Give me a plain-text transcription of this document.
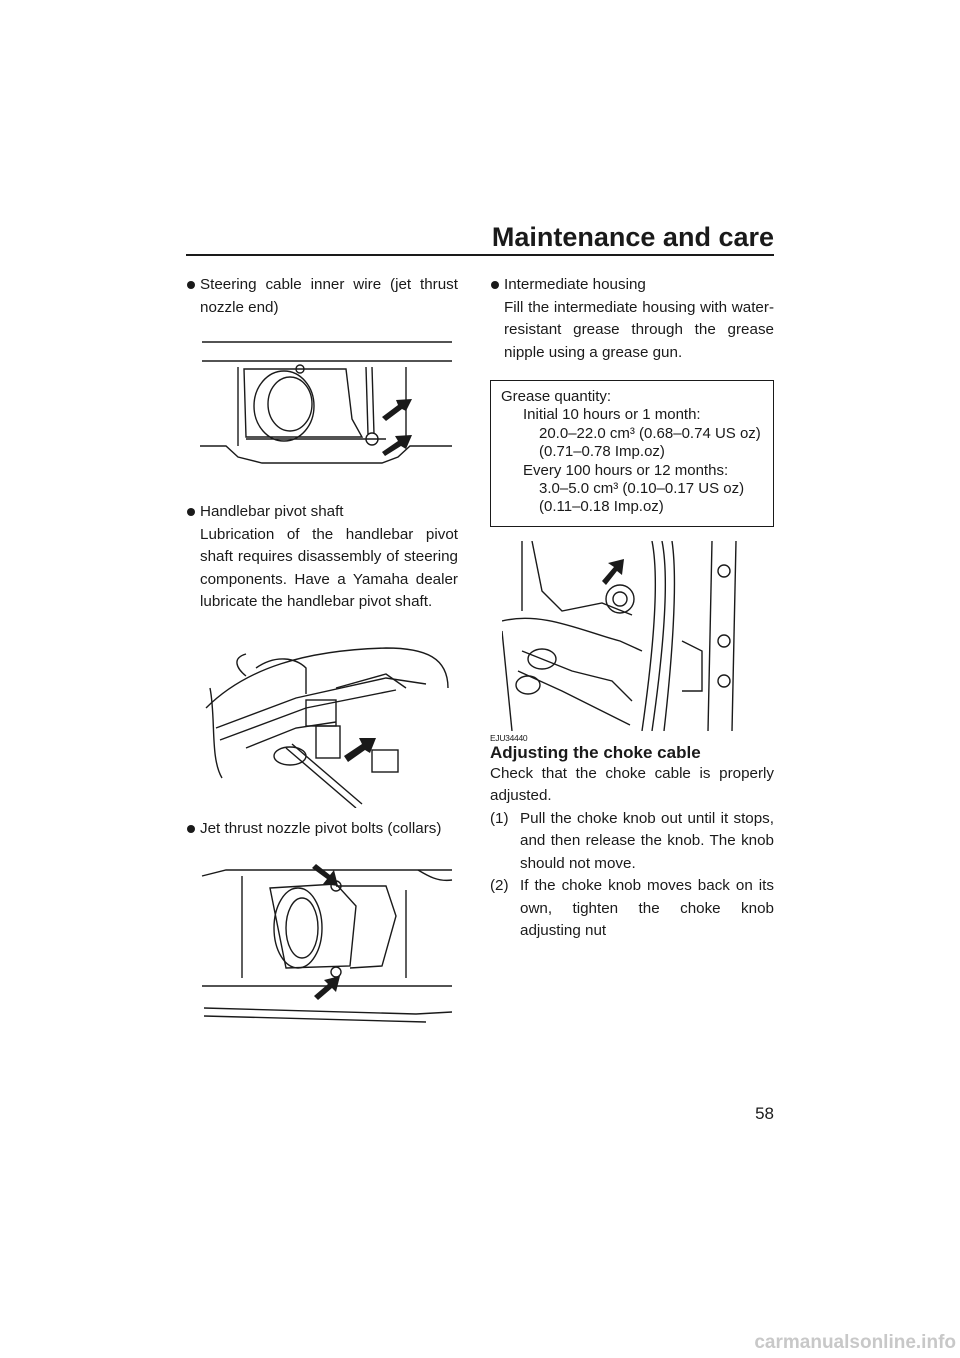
Maintenance and care
Steering cable inner wire (jet thrust nozzle end)
Handlebar pivot shaft
Lubrication of the handlebar pivot shaft requires disassembly of steering components. Have a Yamaha dealer lubricate the handlebar pivot shaft.
Jet thrust nozzle pivot bolts (collars)
Intermediate housing
Fill the intermediate housing with water-resistant grease through the grease nipple using a grease gun.
Grease quantity:
Initial 10 hours or 1 month:
20.0–22.0 cm³ (0.68–0.74 US oz)
(0.71–0.78 Imp.oz)
Every 100 hours or 12 months:
3.0–5.0 cm³ (0.10–0.17 US oz)
(0.11–0.18 Imp.oz)
EJU34440
Adjusting the choke cable
Check that the choke cable is properly adjusted.
(1) Pull the choke knob out until it stops, and then release the knob. The knob should not move.
(2) If the choke knob moves back on its own, tighten the choke knob adjusting nut
58
carmanualsonline.info
